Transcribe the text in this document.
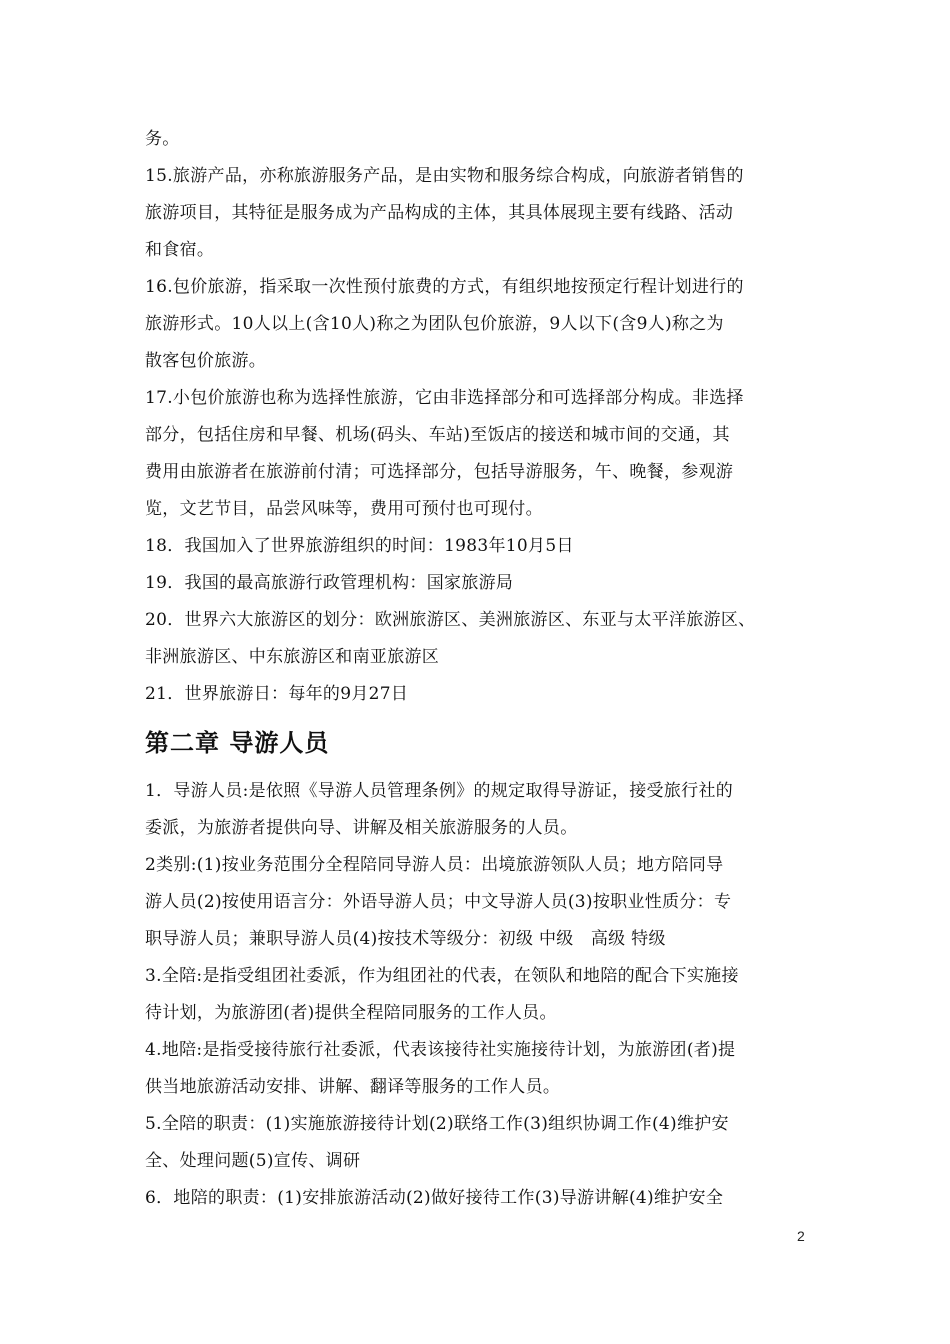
务。
15.旅游产品，亦称旅游服务产品，是由实物和服务综合构成，向旅游者销售的
旅游项目，其特征是服务成为产品构成的主体，其具体展现主要有线路、活动
和食宿。
16.包价旅游，指采取一次性预付旅费的方式，有组织地按预定行程计划进行的
旅游形式。10人以上(含10人)称之为团队包价旅游，9人以下(含9人)称之为
散客包价旅游。
17.小包价旅游也称为选择性旅游，它由非选择部分和可选择部分构成。非选择
部分，包括住房和早餐、机场(码头、车站)至饭店的接送和城市间的交通，其
费用由旅游者在旅游前付清；可选择部分，包括导游服务，午、晚餐，参观游
览，文艺节目，品尝风味等，费用可预付也可现付。
18．我国加入了世界旅游组织的时间：1983年10月5日
19．我国的最高旅游行政管理机构：国家旅游局
20．世界六大旅游区的划分：欧洲旅游区、美洲旅游区、东亚与太平洋旅游区、
非洲旅游区、中东旅游区和南亚旅游区
21．世界旅游日：每年的9月27日
第二章 导游人员
1．导游人员:是依照《导游人员管理条例》的规定取得导游证，接受旅行社的
委派，为旅游者提供向导、讲解及相关旅游服务的人员。
2类别:(1)按业务范围分全程陪同导游人员：出境旅游领队人员；地方陪同导
游人员(2)按使用语言分：外语导游人员；中文导游人员(3)按职业性质分：专
职导游人员；兼职导游人员(4)按技术等级分：初级 中级　高级 特级
3.全陪:是指受组团社委派，作为组团社的代表，在领队和地陪的配合下实施接
待计划，为旅游团(者)提供全程陪同服务的工作人员。
4.地陪:是指受接待旅行社委派，代表该接待社实施接待计划，为旅游团(者)提
供当地旅游活动安排、讲解、翻译等服务的工作人员。
5.全陪的职责：(1)实施旅游接待计划(2)联络工作(3)组织协调工作(4)维护安
全、处理问题(5)宣传、调研
6．地陪的职责：(1)安排旅游活动(2)做好接待工作(3)导游讲解(4)维护安全
2
